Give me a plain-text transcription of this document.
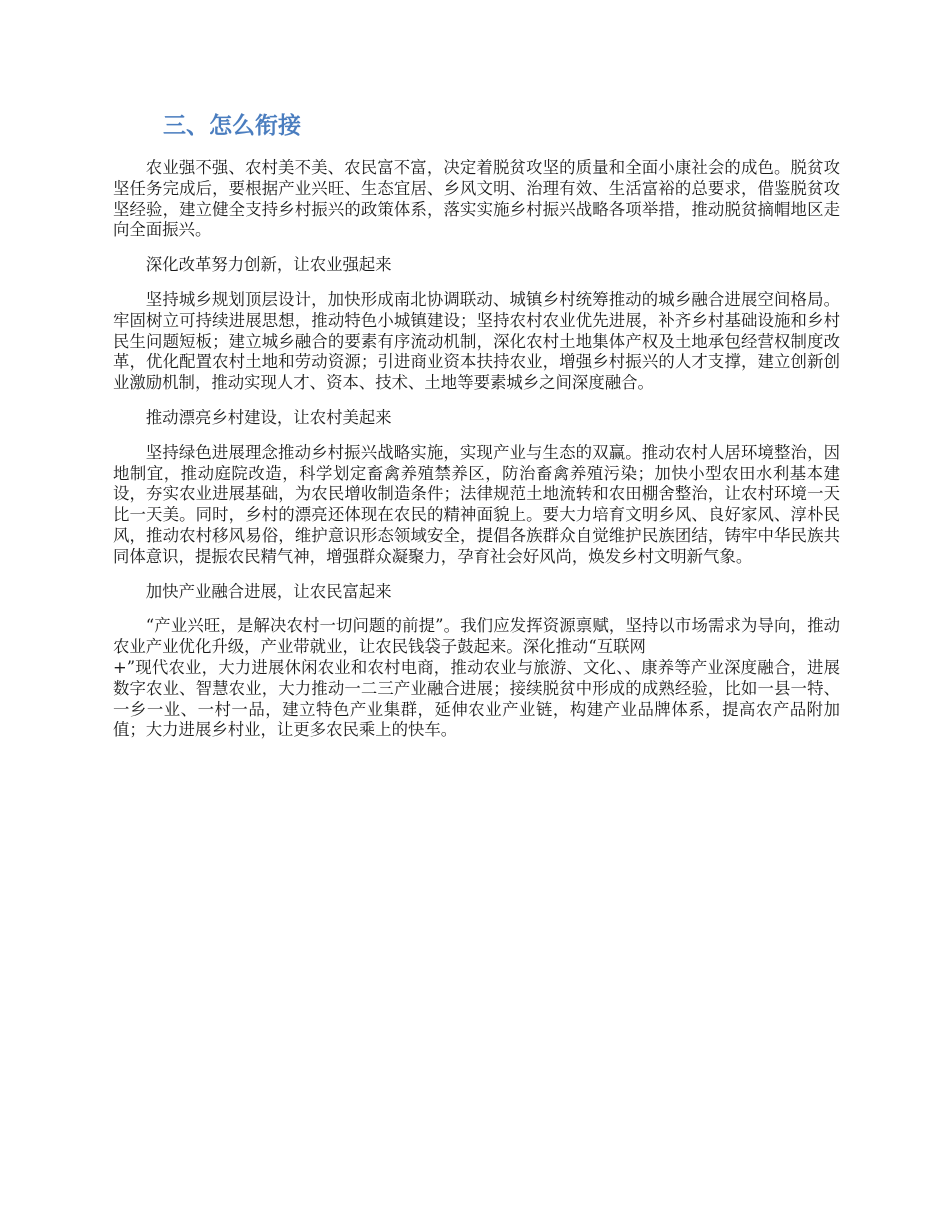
三、怎么衔接

农业强不强、农村美不美、农民富不富，决定着脱贫攻坚的质量和全面小康社会的成色。脱贫攻坚任务完成后，要根据产业兴旺、生态宜居、乡风文明、治理有效、生活富裕的总要求，借鉴脱贫攻坚经验，建立健全支持乡村振兴的政策体系，落实实施乡村振兴战略各项举措，推动脱贫摘帽地区走向全面振兴。

深化改革努力创新，让农业强起来

坚持城乡规划顶层设计，加快形成南北协调联动、城镇乡村统筹推动的城乡融合进展空间格局。牢固树立可持续进展思想，推动特色小城镇建设；坚持农村农业优先进展，补齐乡村基础设施和乡村民生问题短板；建立城乡融合的要素有序流动机制，深化农村土地集体产权及土地承包经营权制度改革，优化配置农村土地和劳动资源；引进商业资本扶持农业，增强乡村振兴的人才支撑，建立创新创业激励机制，推动实现人才、资本、技术、土地等要素城乡之间深度融合。

推动漂亮乡村建设，让农村美起来

坚持绿色进展理念推动乡村振兴战略实施，实现产业与生态的双赢。推动农村人居环境整治，因地制宜，推动庭院改造，科学划定畜禽养殖禁养区，防治畜禽养殖污染；加快小型农田水利基本建设，夯实农业进展基础，为农民增收制造条件；法律规范土地流转和农田棚舍整治，让农村环境一天比一天美。同时，乡村的漂亮还体现在农民的精神面貌上。要大力培育文明乡风、良好家风、淳朴民风，推动农村移风易俗，维护意识形态领域安全，提倡各族群众自觉维护民族团结，铸牢中华民族共同体意识，提振农民精气神，增强群众凝聚力，孕育社会好风尚，焕发乡村文明新气象。

加快产业融合进展，让农民富起来

“产业兴旺，是解决农村一切问题的前提”。我们应发挥资源禀赋，坚持以市场需求为导向，推动农业产业优化升级，产业带就业，让农民钱袋子鼓起来。深化推动“互联网
+”现代农业，大力进展休闲农业和农村电商，推动农业与旅游、文化、、康养等产业深度融合，进展数字农业、智慧农业，大力推动一二三产业融合进展；接续脱贫中形成的成熟经验，比如一县一特、一乡一业、一村一品，建立特色产业集群，延伸农业产业链，构建产业品牌体系，提高农产品附加值；大力进展乡村业，让更多农民乘上的快车。
